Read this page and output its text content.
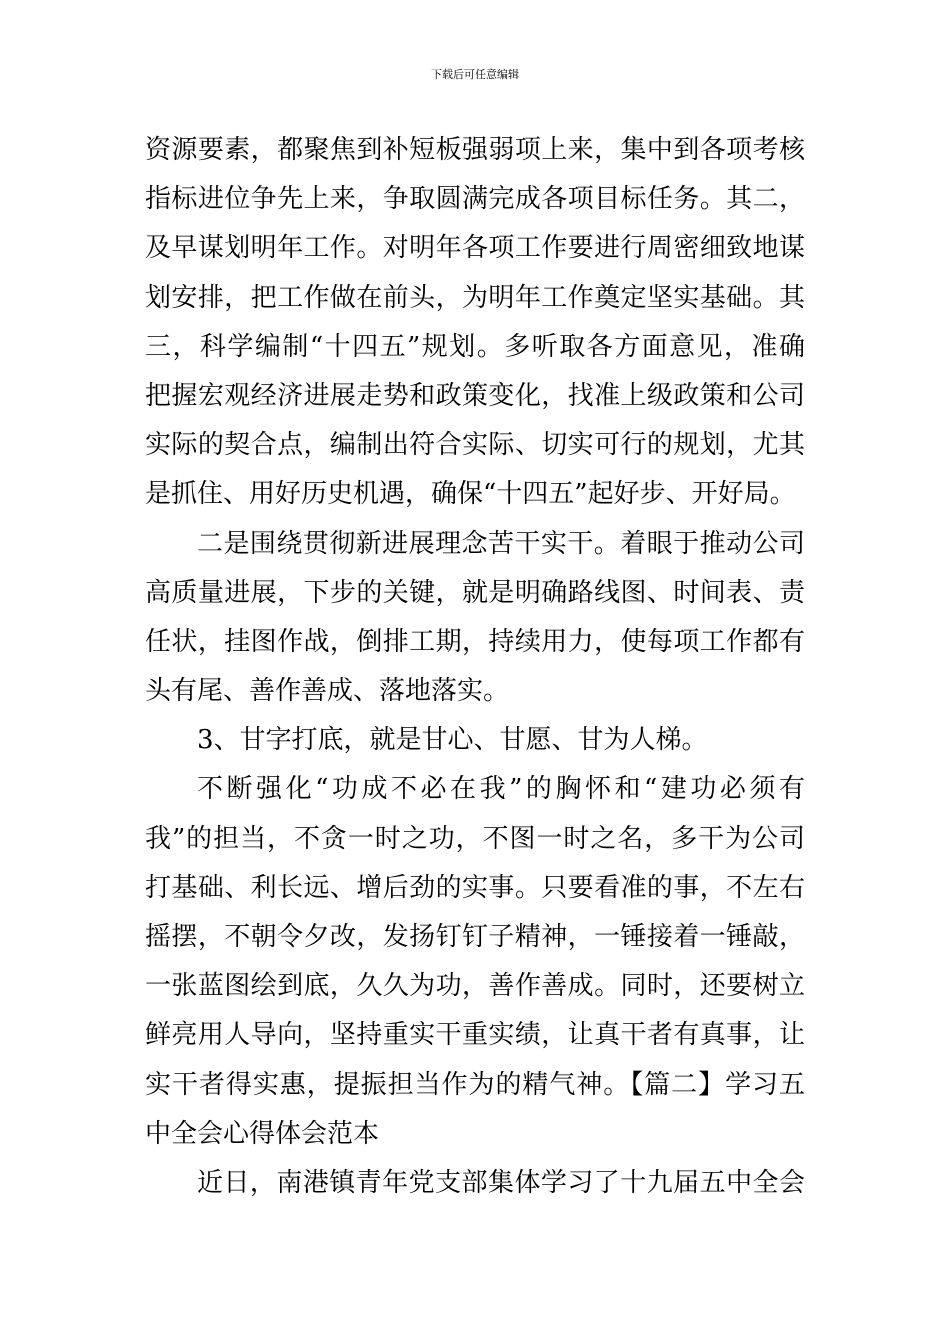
下载后可任意编辑
资源要素，都聚焦到补短板强弱项上来，集中到各项考核
指标进位争先上来，争取圆满完成各项目标任务。其二，
及早谋划明年工作。对明年各项工作要进行周密细致地谋
划安排，把工作做在前头，为明年工作奠定坚实基础。其
三，科学编制“十四五”规划。多听取各方面意见，准确
把握宏观经济进展走势和政策变化，找准上级政策和公司
实际的契合点，编制出符合实际、切实可行的规划，尤其
是抓住、用好历史机遇，确保“十四五”起好步、开好局。
二是围绕贯彻新进展理念苦干实干。着眼于推动公司
高质量进展，下步的关键，就是明确路线图、时间表、责
任状，挂图作战，倒排工期，持续用力，使每项工作都有
头有尾、善作善成、落地落实。
3、甘字打底，就是甘心、甘愿、甘为人梯。
不断强化“功成不必在我”的胸怀和“建功必须有
我”的担当，不贪一时之功，不图一时之名，多干为公司
打基础、利长远、增后劲的实事。只要看准的事，不左右
摇摆，不朝令夕改，发扬钉钉子精神，一锤接着一锤敲，
一张蓝图绘到底，久久为功，善作善成。同时，还要树立
鲜亮用人导向，坚持重实干重实绩，让真干者有真事，让
实干者得实惠，提振担当作为的精气神。【篇二】学习五
中全会心得体会范本
近日，南港镇青年党支部集体学习了十九届五中全会
